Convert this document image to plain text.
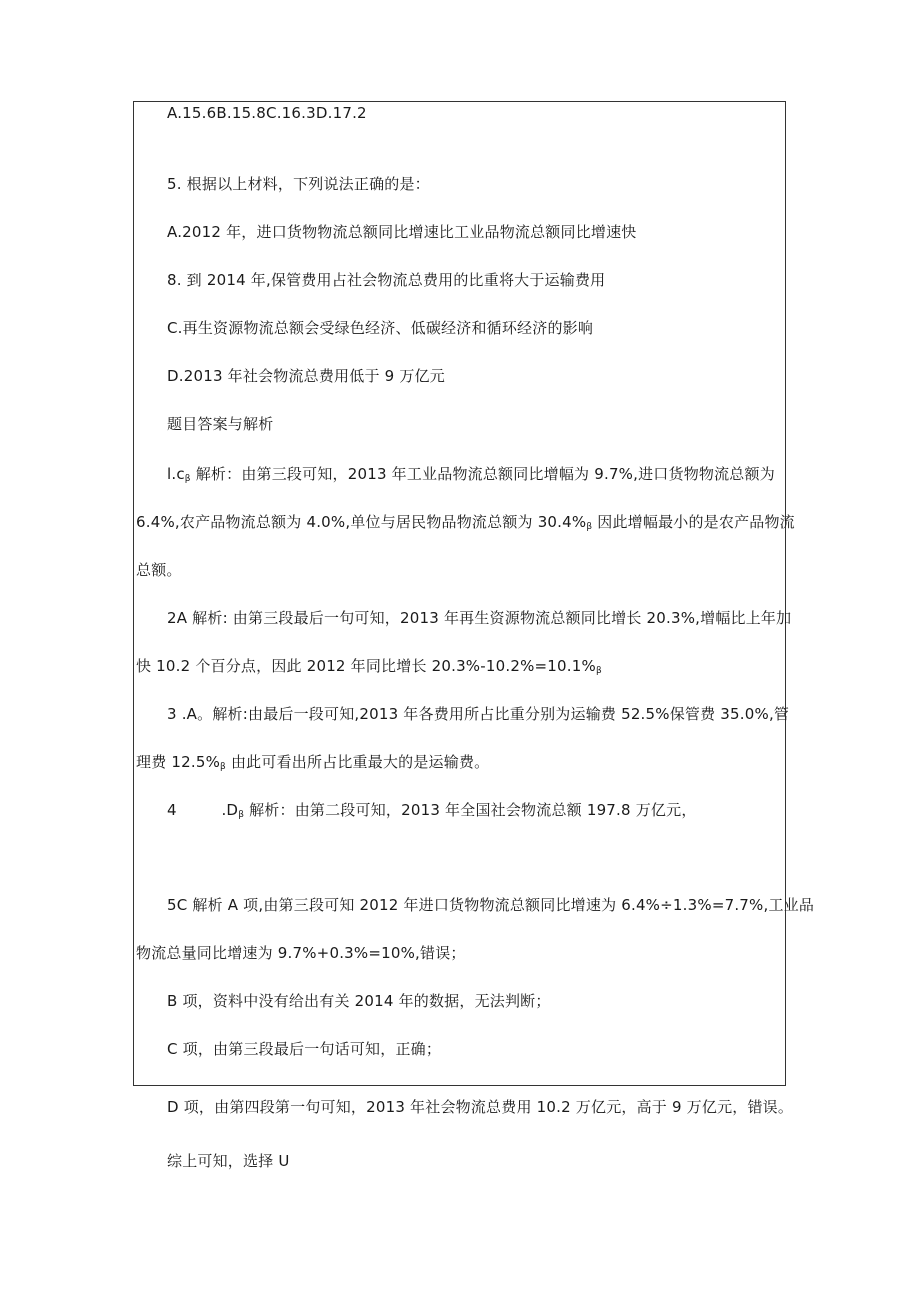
A.15.6B.15.8C.16.3D.17.2
5. 根据以上材料，下列说法正确的是：
A.2012 年，进口货物物流总额同比增速比工业品物流总额同比增速快
8. 到 2014 年,保管费用占社会物流总费用的比重将大于运输费用
C.再生资源物流总额会受绿色经济、低碳经济和循环经济的影响
D.2013 年社会物流总费用低于 9 万亿元
题目答案与解析
$l.c_\beta$ 解析：由第三段可知，2013 年工业品物流总额同比增幅为 9.7%,进口货物物流总额为
6.4%,农产品物流总额为 4.0%,单位与居民物品物流总额为 $30.4\%_\beta$ 因此增幅最小的是农产品物流
总额。
2A 解析: 由第三段最后一句可知，2013 年再生资源物流总额同比增长 20.3%,增幅比上年加
快 10.2 个百分点，因此 2012 年同比增长 $20.3\%-10.2\%=10.1\%_\beta$
3 .A。解析:由最后一段可知,2013 年各费用所占比重分别为运输费 52.5%保管费 35.0%,管
理费 $12.5\%_\beta$ 由此可看出所占比重最大的是运输费。
4         $.D_\beta$ 解析：由第二段可知，2013 年全国社会物流总额 197.8 万亿元，
5C 解析 A 项,由第三段可知 2012 年进口货物物流总额同比增速为 6.4%÷1.3%=7.7%,工业品
物流总量同比增速为 9.7%+0.3%=10%,错误；
B 项，资料中没有给出有关 2014 年的数据，无法判断；
C 项，由第三段最后一句话可知，正确；
D 项，由第四段第一句可知，2013 年社会物流总费用 10.2 万亿元，高于 9 万亿元，错误。
综上可知，选择 U
